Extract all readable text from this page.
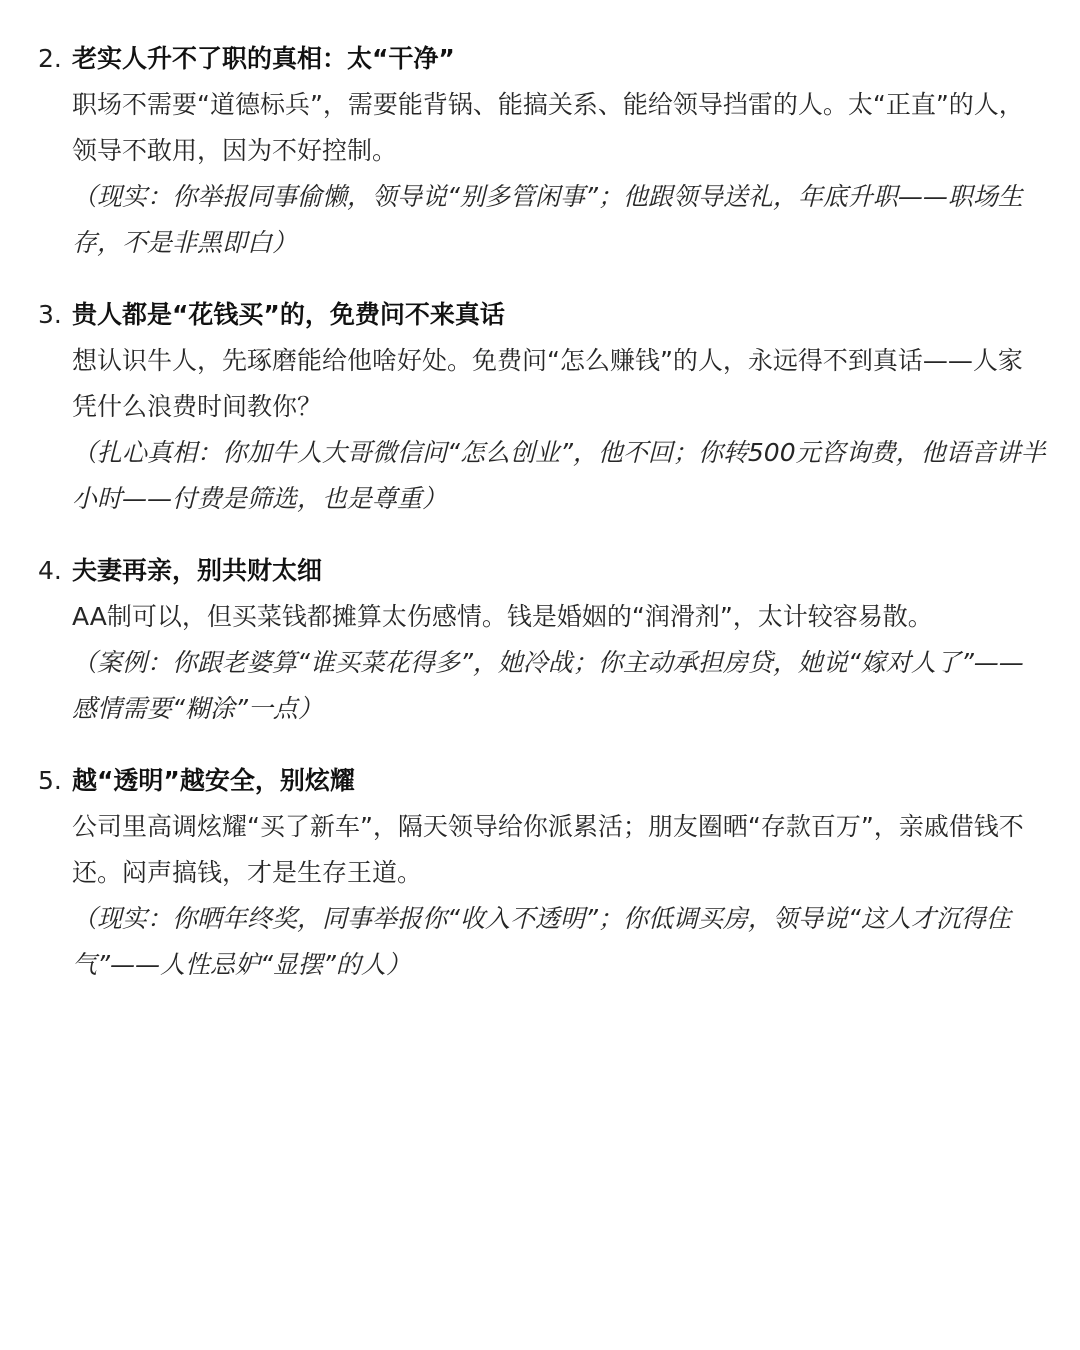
2. 老实人升不了职的真相：太“干净”
职场不需要“道德标兵”，需要能背锅、能搞关系、能给领导挡雷的人。太“正直”的人，领导不敢用，因为不好控制。
（现实：你举报同事偷懒，领导说“别多管闲事”；他跟领导送礼，年底升职——职场生存，不是非黑即白）
3. 贵人都是“花钱买”的，免费问不来真话
想认识牛人，先琢磨能给他啥好处。免费问“怎么赚钱”的人，永远得不到真话——人家凭什么浪费时间教你？
（扎心真相：你加牛人大哥微信问“怎么创业”，他不回；你转500元咨询费，他语音讲半小时——付费是筛选，也是尊重）
4. 夫妻再亲，别共财太细
AA制可以，但买菜钱都摊算太伤感情。钱是婚姻的“润滑剂”，太计较容易散。
（案例：你跟老婆算“谁买菜花得多”，她冷战；你主动承担房贷，她说“嫁对人了”——感情需要“糊涂”一点）
5. 越“透明”越安全，别炫耀
公司里高调炫耀“买了新车”，隔天领导给你派累活；朋友圈晒“存款百万”，亲戚借钱不还。闷声搞钱，才是生存王道。
（现实：你晒年终奖，同事举报你“收入不透明”；你低调买房，领导说“这人才沉得住气”——人性忌妒“显摆”的人）
